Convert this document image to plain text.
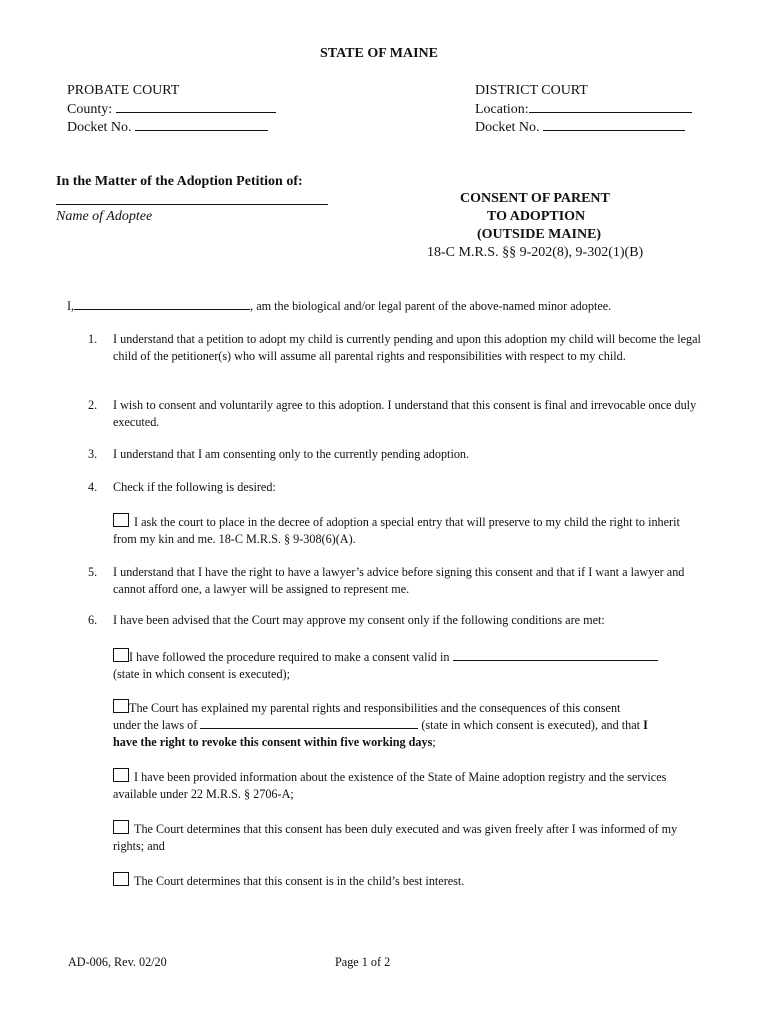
STATE OF MAINE
PROBATE COURT
County:
Docket No.
DISTRICT COURT
Location:
Docket No.
In the Matter of the Adoption Petition of:
Name of Adoptee
CONSENT OF PARENT
TO ADOPTION
(OUTSIDE MAINE)
18-C M.R.S. §§ 9-202(8), 9-302(1)(B)
I,	, am the biological and/or legal parent of the above-named minor adoptee.
1. I understand that a petition to adopt my child is currently pending and upon this adoption my child will become the legal child of the petitioner(s) who will assume all parental rights and responsibilities with respect to my child.
2. I wish to consent and voluntarily agree to this adoption. I understand that this consent is final and irrevocable once duly executed.
3. I understand that I am consenting only to the currently pending adoption.
4. Check if the following is desired:
I ask the court to place in the decree of adoption a special entry that will preserve to my child the right to inherit from my kin and me. 18-C M.R.S. § 9-308(6)(A).
5. I understand that I have the right to have a lawyer’s advice before signing this consent and that if I want a lawyer and cannot afford one, a lawyer will be assigned to represent me.
6. I have been advised that the Court may approve my consent only if the following conditions are met:
I have followed the procedure required to make a consent valid in
(state in which consent is executed);
The Court has explained my parental rights and responsibilities and the consequences of this consent
under the laws of	(state in which consent is executed), and that I
have the right to revoke this consent within five working days;
I have been provided information about the existence of the State of Maine adoption registry and the services available under 22 M.R.S. § 2706-A;
The Court determines that this consent has been duly executed and was given freely after I was informed of my rights; and
The Court determines that this consent is in the child’s best interest.
AD-006, Rev. 02/20	Page 1 of 2
